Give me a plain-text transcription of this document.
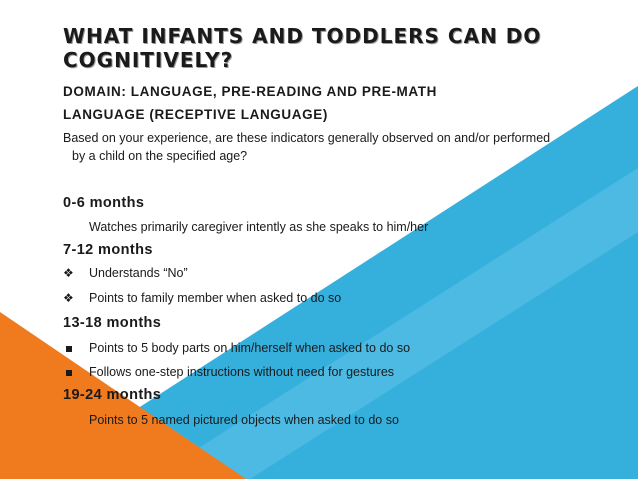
WHAT INFANTS AND TODDLERS CAN DO
COGNITIVELY?
DOMAIN: LANGUAGE, PRE-READING AND PRE-MATH
LANGUAGE (RECEPTIVE LANGUAGE)
Based on your experience, are these indicators generally observed on and/or performed
by a child on the specified age?
0-6 months
Watches primarily caregiver intently as she speaks to him/her
7-12 months
❖ Understands “No”
❖ Points to family member when asked to do so
13-18 months
Points to 5 body parts on him/herself when asked to do so
Follows one-step instructions without need for gestures
19-24 months
Points to 5 named pictured objects when asked to do so
